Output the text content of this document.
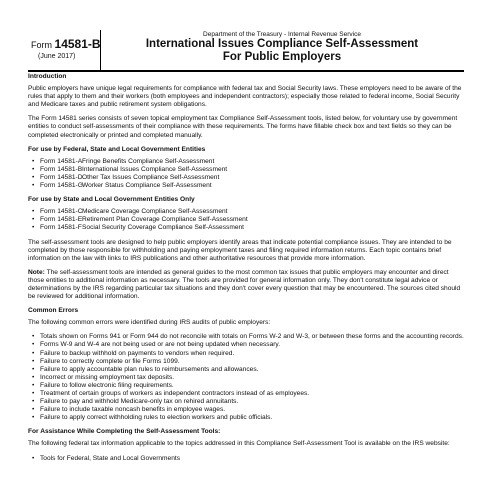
Form 14581-B
(June 2017)
Department of the Treasury - Internal Revenue Service
International Issues Compliance Self-Assessment
For Public Employers
Introduction

Public employers have unique legal requirements for compliance with federal tax and Social Security laws. These employers need to be aware of the rules that apply to them and their workers (both employees and independent contractors); especially those related to federal income, Social Security and Medicare taxes and public retirement system obligations.

The Form 14581 series consists of seven topical employment tax Compliance Self-Assessment tools, listed below, for voluntary use by government entities to conduct self-assessments of their compliance with these requirements. The forms have fillable check box and text fields so they can be completed electronically or printed and completed manually.

For use by Federal, State and Local Government Entities
• Form 14581-AFringe Benefits Compliance Self-Assessment
• Form 14581-BInternational Issues Compliance Self-Assessment
• Form 14581-DOther Tax Issues Compliance Self-Assessment
• Form 14581-GWorker Status Compliance Self-Assessment
For use by State and Local Government Entities Only
• Form 14581-CMedicare Coverage Compliance Self-Assessment
• Form 14581-ERetirement Plan Coverage Compliance Self-Assessment
• Form 14581-FSocial Security Coverage Compliance Self-Assessment

The self-assessment tools are designed to help public employers identify areas that indicate potential compliance issues. They are intended to be completed by those responsible for withholding and paying employment taxes and filing required information returns. Each topic contains brief information on the law with links to IRS publications and other authoritative resources that provide more information.

Note: The self-assessment tools are intended as general guides to the most common tax issues that public employers may encounter and direct those entities to additional information as necessary. The tools are provided for general information only. They don't constitute legal advice or determinations by the IRS regarding particular tax situations and they don't cover every question that may be encountered. The sources cited should be reviewed for additional information.

Common Errors

The following common errors were identified during IRS audits of public employers:

• Totals shown on Forms 941 or Form 944 do not reconcile with totals on Forms W-2 and W-3, or between these forms and the accounting records.
• Forms W-9 and W-4 are not being used or are not being updated when necessary.
• Failure to backup withhold on payments to vendors when required.
• Failure to correctly complete or file Forms 1099.
• Failure to apply accountable plan rules to reimbursements and allowances.
• Incorrect or missing employment tax deposits.
• Failure to follow electronic filing requirements.
• Treatment of certain groups of workers as independent contractors instead of as employees.
• Failure to pay and withhold Medicare-only tax on rehired annuitants.
• Failure to include taxable noncash benefits in employee wages.
• Failure to apply correct withholding rules to election workers and public officials.
For Assistance While Completing the Self-Assessment Tools:

The following federal tax information applicable to the topics addressed in this Compliance Self-Assessment Tool is available on the IRS website:

• Tools for Federal, State and Local Governments
